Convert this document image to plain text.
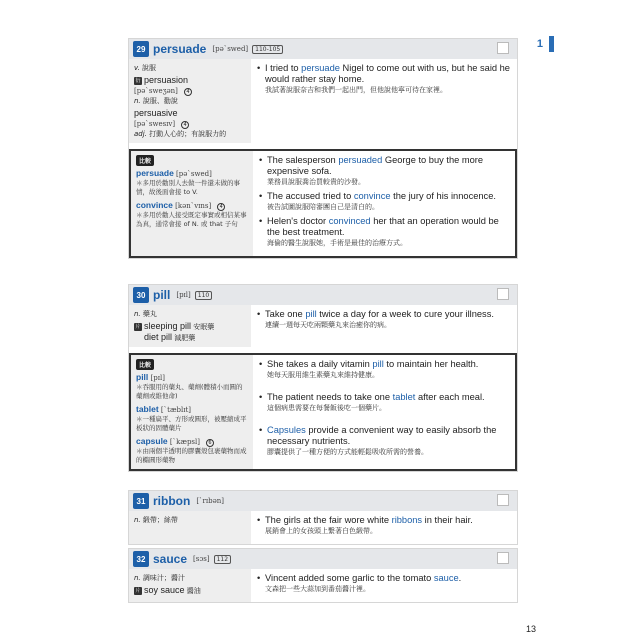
1
29 persuade [pə`swed]	110-105
v. 說服
衍 persuasion
[pə`sweʒən] 4
n. 說服、勸說
persuasive
[pə`swesɪv] 4
adj. 打動人心的；有說服力的
• I tried to persuade Nigel to come out with us, but he said he would rather stay home.
我試著說服奈吉和我們一起出門，但他說他寧可待在家裡。
比較
persuade [pə`swed]
＊多用於勸別人去做一件還未做的事情，故後面會接 to V.
convince [kən`vɪns] 4
＊多用於勸人接受既定事實或相信某事為真，通常會接 of N. 或 that 子句
• The salesperson persuaded George to buy the more expensive sofa.
業務員說服喬治買較貴的沙發。
• The accused tried to convince the jury of his innocence.
被告試圖說服陪審團自己是清白的。
• Helen's doctor convinced her that an operation would be the best treatment.
海倫的醫生說服她，手術是最佳的治療方式。
30 pill [pɪl]	110
n. 藥丸
片 sleeping pill 安眠藥
diet pill 減肥藥
• Take one pill twice a day for a week to cure your illness.
連續一週每天吃兩顆藥丸來治癒你的病。
比較
pill [pɪl]
＊吞服用的藥丸、藥劑(體積小而圓的藥劑或維他命)
tablet [`tæblɪt]
＊一種扁平、方形或圓形，被壓縮成平板狀的固體藥片
capsule [`kæpsl] 6
＊由兩個半透明的膠囊殼包裹藥物而成的橢圓形藥物
• She takes a daily vitamin pill to maintain her health.
她每天服用維生素藥丸來維持健康。
• The patient needs to take one tablet after each meal.
這個病患需要在每餐飯後吃一個藥片。
• Capsules provide a convenient way to easily absorb the necessary nutrients.
膠囊提供了一種方便的方式能輕鬆吸收所需的營養。
31 ribbon [`rɪbən]
n. 緞帶；絲帶	• The girls at the fair wore white ribbons in their hair.
展銷會上的女孩頭上繫著白色緞帶。
32 sauce [sɔs]	112
n. 調味汁；醬汁
片 soy sauce 醬油
• Vincent added some garlic to the tomato sauce.
文森把一些大蒜加到番茄醬汁裡。
13
